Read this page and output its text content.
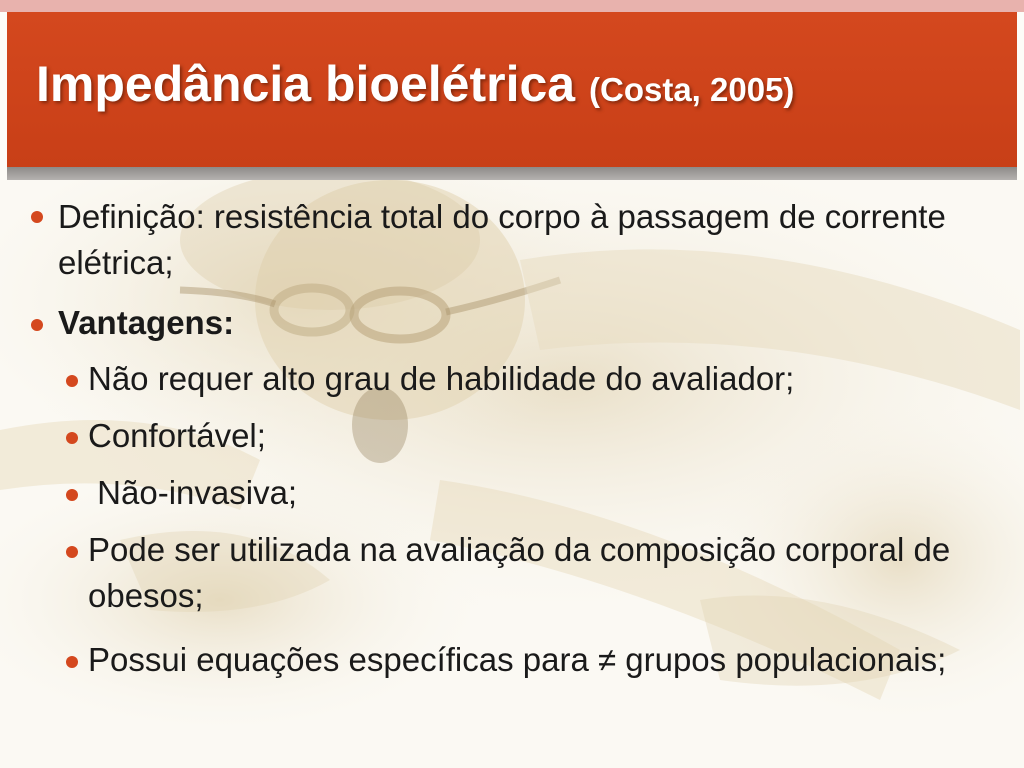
Impedância bioelétrica (Costa, 2005)
Definição: resistência total do corpo à passagem de corrente elétrica;
Vantagens:
Não requer alto grau de habilidade do avaliador;
Confortável;
Não-invasiva;
Pode ser utilizada na avaliação da composição corporal de obesos;
Possui equações específicas para ≠ grupos populacionais;
